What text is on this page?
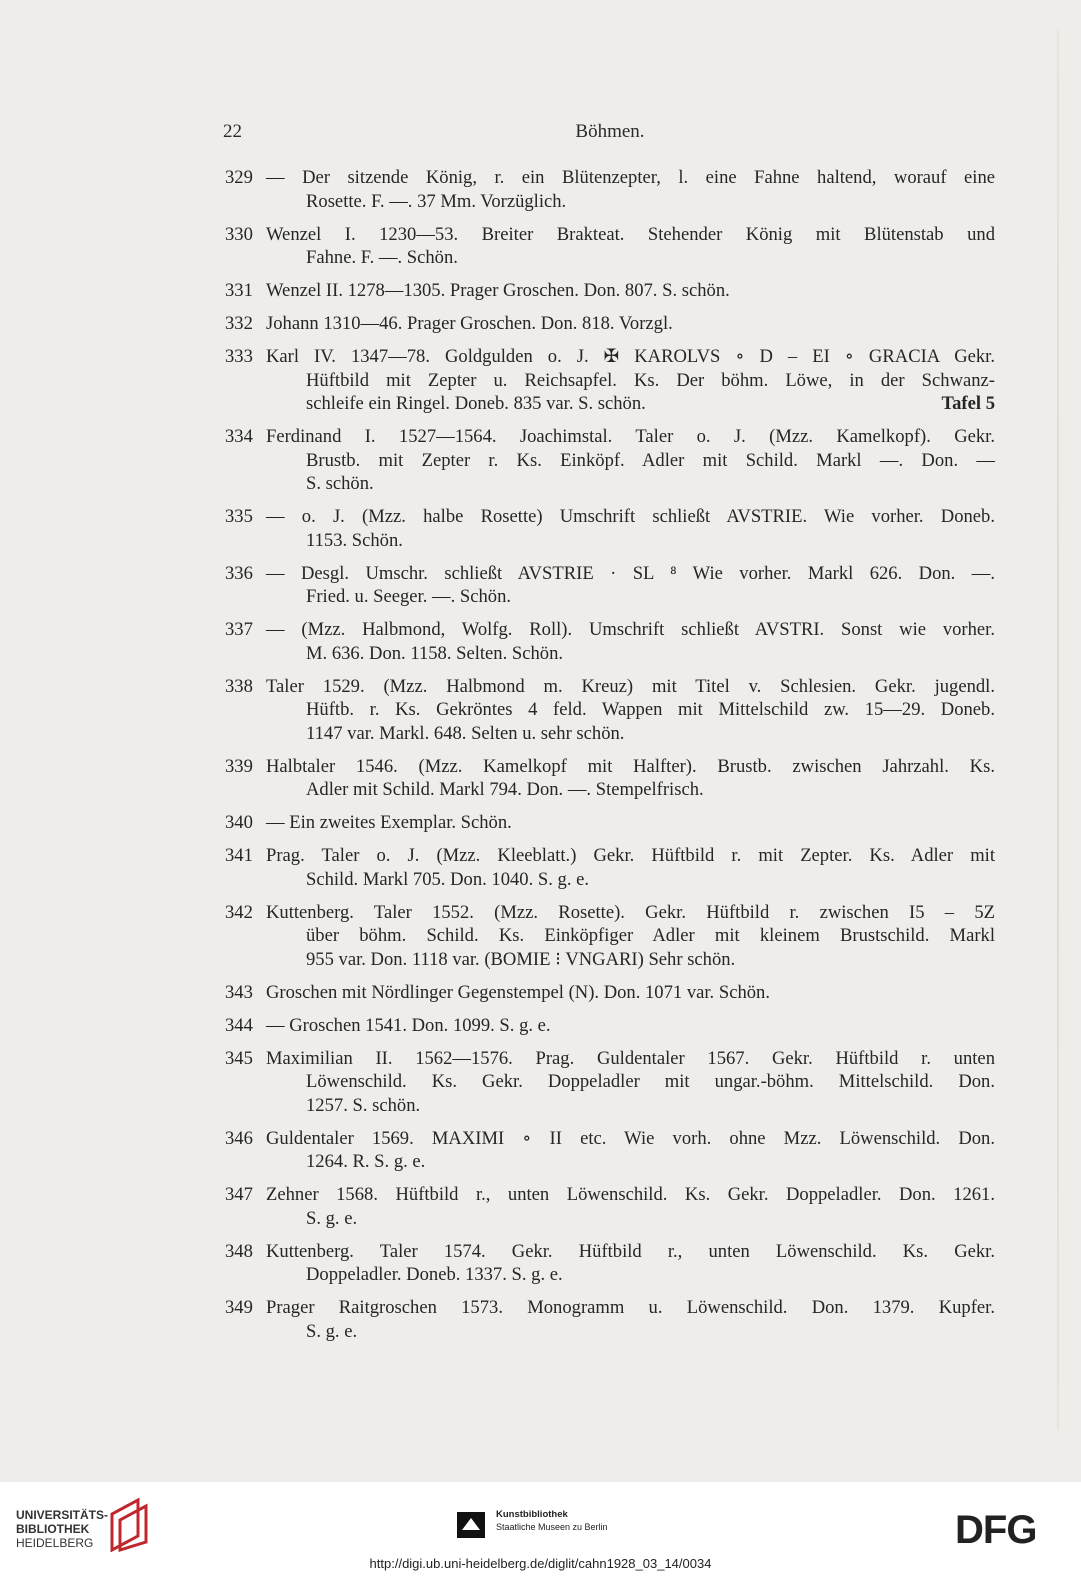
22	Böhmen.
329 — Der sitzende König, r. ein Blütenzepter, l. eine Fahne haltend, worauf eine

Rosette. F. —. 37 Mm. Vorzüglich.

330 Wenzel I. 1230—53. Breiter Brakteat. Stehender König mit Blütenstab und

Fahne. F. —. Schön.

331 Wenzel II. 1278—1305. Prager Groschen. Don. 807. S. schön.

332 Johann 1310—46. Prager Groschen. Don. 818. Vorzgl.

333 Karl IV. 1347—78. Goldgulden o. J. ✠ KAROLVS ∘ D – EI ∘ GRACIA Gekr.

Hüftbild mit Zepter u. Reichsapfel. Ks. Der böhm. Löwe, in der Schwanz-

Tafel 5
schleife ein Ringel. Doneb. 835 var. S. schön.

334 Ferdinand I. 1527—1564. Joachimstal. Taler o. J. (Mzz. Kamelkopf). Gekr.

Brustb. mit Zepter r. Ks. Einköpf. Adler mit Schild. Markl —. Don. —

S. schön.

335 — o. J. (Mzz. halbe Rosette) Umschrift schließt AVSTRIE. Wie vorher. Doneb.

1153. Schön.

336 — Desgl. Umschr. schließt AVSTRIE · SL ⁸ Wie vorher. Markl 626. Don. —.

Fried. u. Seeger. —. Schön.

337 — (Mzz. Halbmond, Wolfg. Roll). Umschrift schließt AVSTRI. Sonst wie vorher.

M. 636. Don. 1158. Selten. Schön.

338 Taler 1529. (Mzz. Halbmond m. Kreuz) mit Titel v. Schlesien. Gekr. jugendl.

Hüftb. r. Ks. Gekröntes 4 feld. Wappen mit Mittelschild zw. 15—29. Doneb.

1147 var. Markl. 648. Selten u. sehr schön.

339 Halbtaler 1546. (Mzz. Kamelkopf mit Halfter). Brustb. zwischen Jahrzahl. Ks.

Adler mit Schild. Markl 794. Don. —. Stempelfrisch.

340 — Ein zweites Exemplar. Schön.

341 Prag. Taler o. J. (Mzz. Kleeblatt.) Gekr. Hüftbild r. mit Zepter. Ks. Adler mit

Schild. Markl 705. Don. 1040. S. g. e.

342 Kuttenberg. Taler 1552. (Mzz. Rosette). Gekr. Hüftbild r. zwischen I5 – 5Z

über böhm. Schild. Ks. Einköpfiger Adler mit kleinem Brustschild. Markl

955 var. Don. 1118 var. (BOMIE ⁝ VNGARI) Sehr schön.

343 Groschen mit Nördlinger Gegenstempel (N). Don. 1071 var. Schön.

344 — Groschen 1541. Don. 1099. S. g. e.

345 Maximilian II. 1562—1576. Prag. Guldentaler 1567. Gekr. Hüftbild r. unten

Löwenschild. Ks. Gekr. Doppeladler mit ungar.-böhm. Mittelschild. Don.

1257. S. schön.

346 Guldentaler 1569. MAXIMI ∘ II etc. Wie vorh. ohne Mzz. Löwenschild. Don.

1264. R. S. g. e.

347 Zehner 1568. Hüftbild r., unten Löwenschild. Ks. Gekr. Doppeladler. Don. 1261.

S. g. e.

348 Kuttenberg. Taler 1574. Gekr. Hüftbild r., unten Löwenschild. Ks. Gekr.

Doppeladler. Doneb. 1337. S. g. e.

349 Prager Raitgroschen 1573. Monogramm u. Löwenschild. Don. 1379. Kupfer.

S. g. e.

UNIVERSITÄTS-
BIBLIOTHEK
HEIDELBERG
Kunstbibliothek
Staatliche Museen zu Berlin	DFG
http://digi.ub.uni-heidelberg.de/diglit/cahn1928_03_14/0034
